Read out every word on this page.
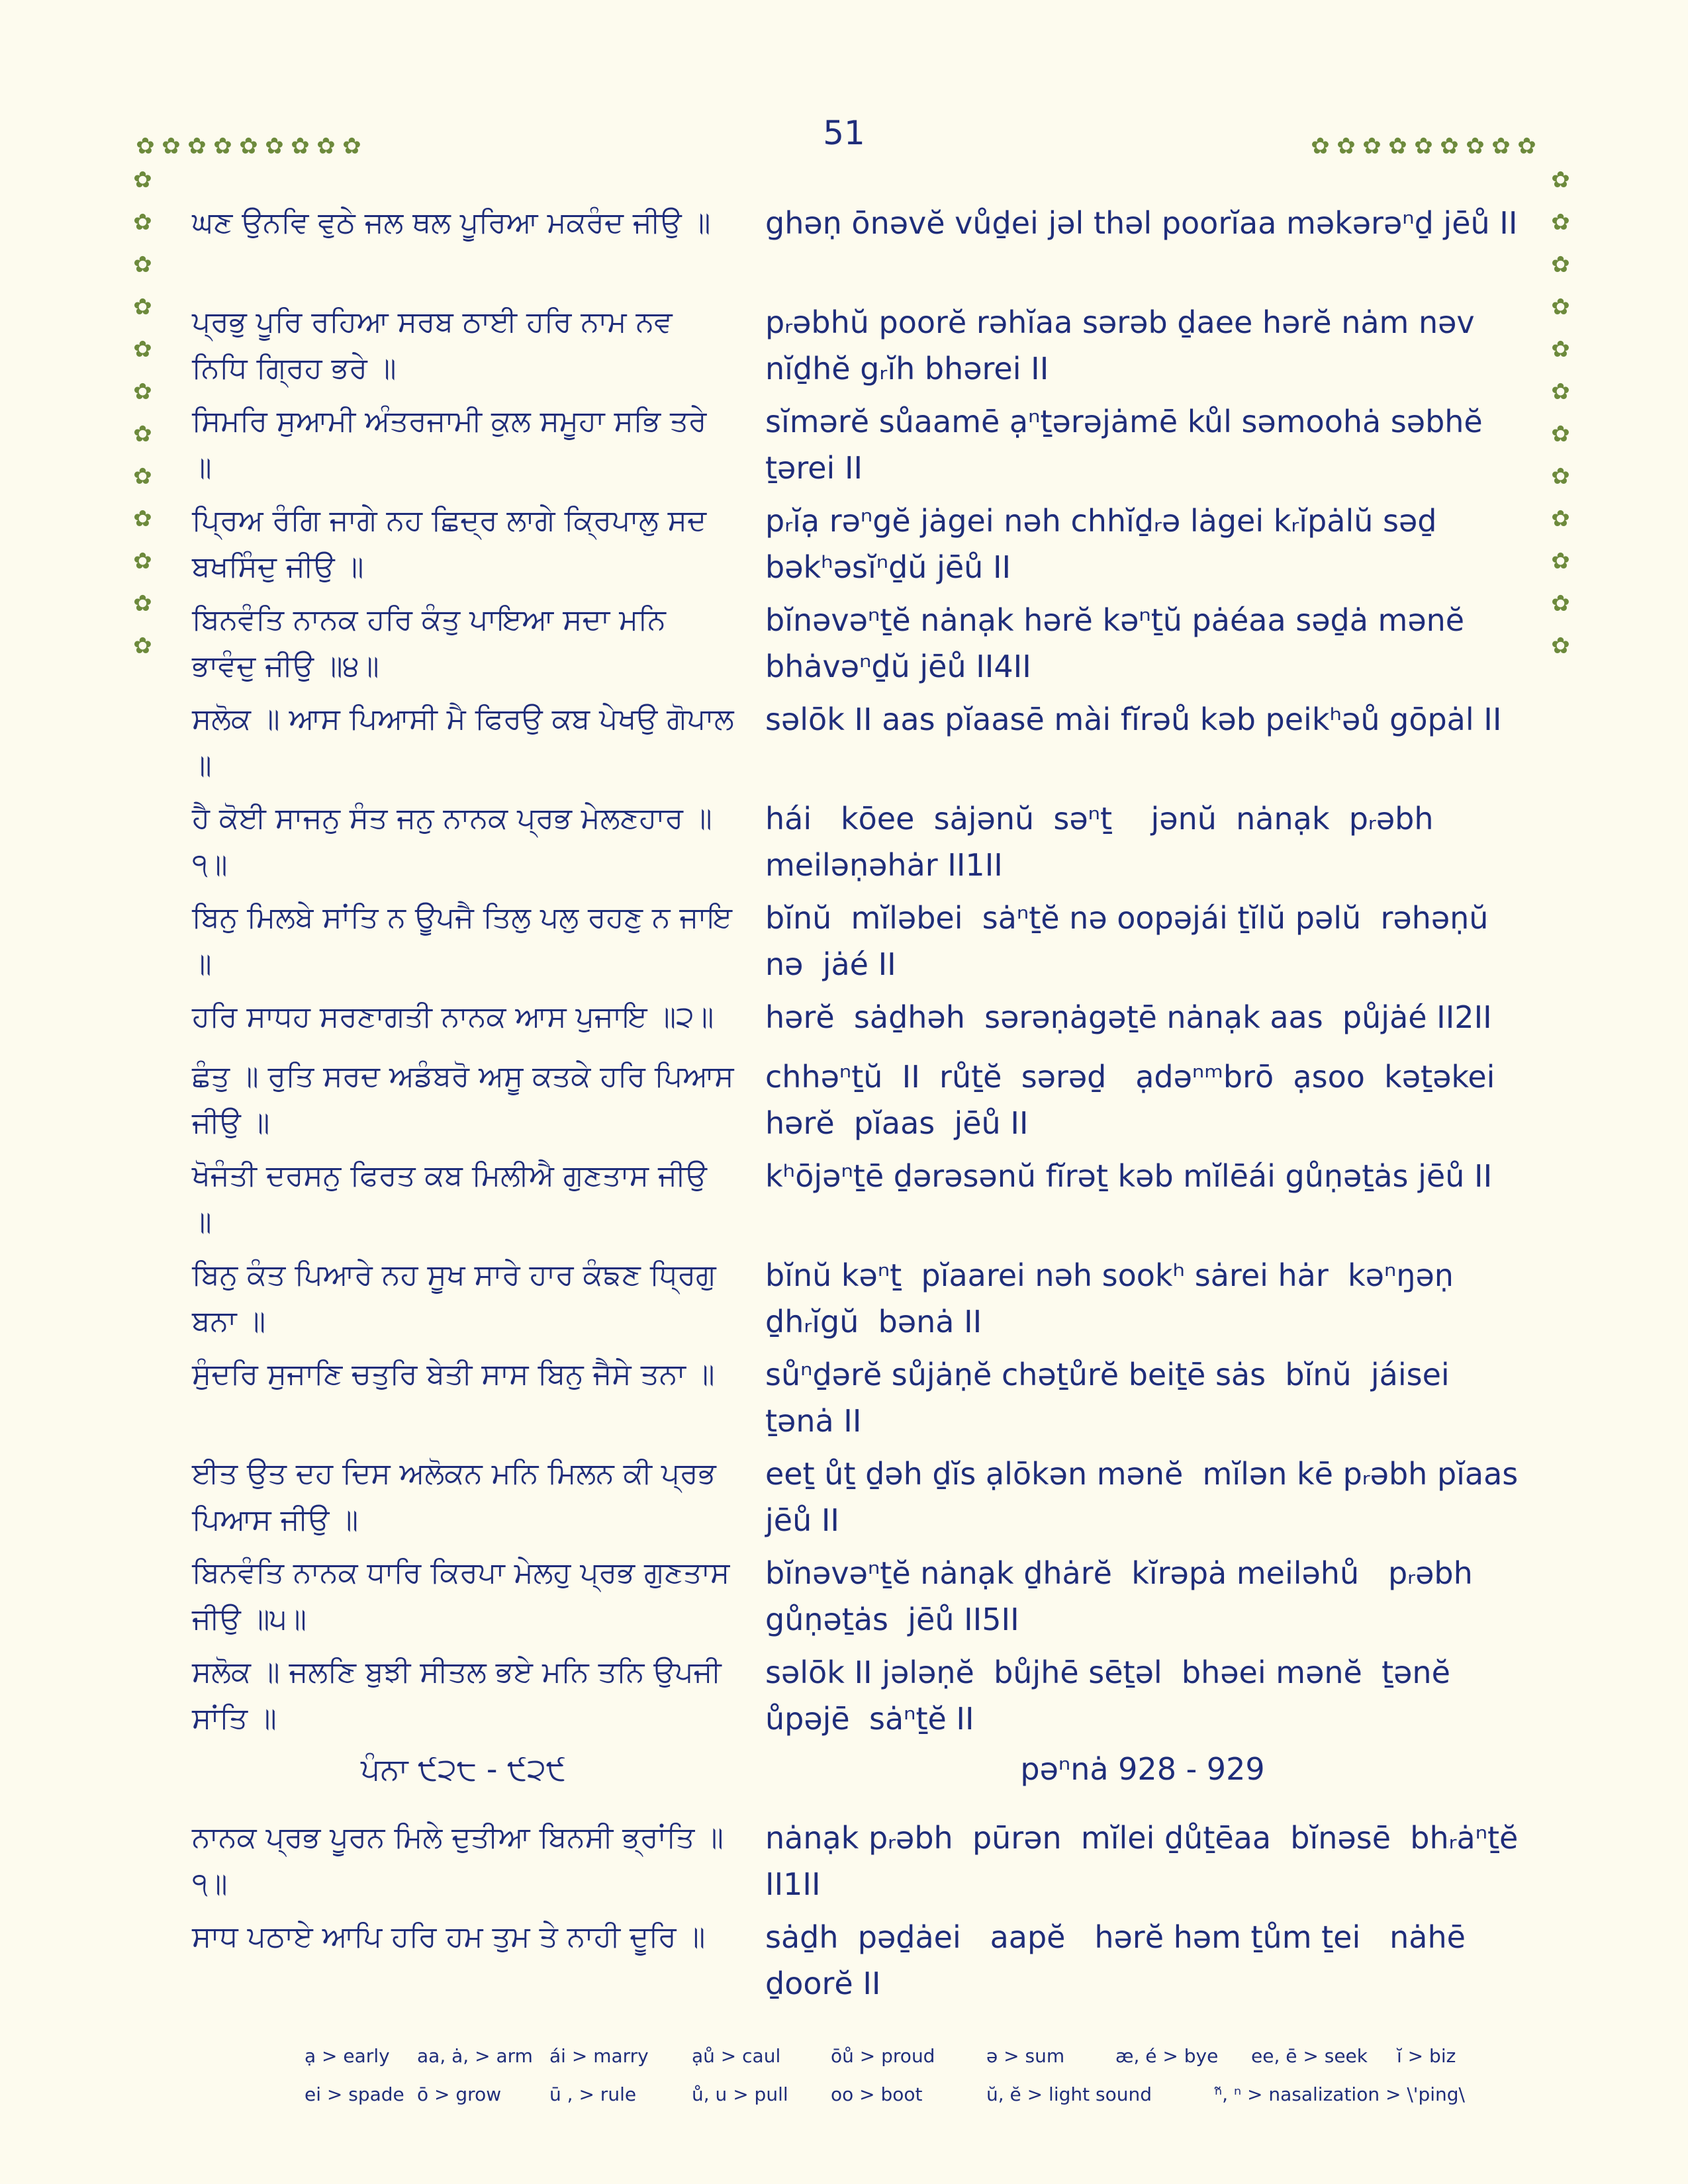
51
✿ ✿ ✿ ✿ ✿ ✿ ✿ ✿ ✿	✿ ✿ ✿ ✿ ✿ ✿ ✿ ✿ ✿
✿
✿
✿
✿
✿
✿
✿
✿
✿
✿
✿
✿
✿
✿
✿
✿
✿
✿
✿
✿
✿
✿
✿
✿
ਘਣ ਉਨਵਿ ਵੁਠੇ ਜਲ ਥਲ ਪੂਰਿਆ ਮਕਰੰਦ ਜੀਉ ॥	ghəṇ ōnəvĕ vůḏei jəl thəl poorĭaa məkərəⁿḏ jēů II
ਪ੍ਰਭੁ ਪੂਰਿ ਰਹਿਆ ਸਰਬ ਠਾਈ ਹਰਿ ਨਾਮ ਨਵ ਨਿਧਿ ਗ੍ਰਿਹ ਭਰੇ ॥
pᵣəbhŭ poorĕ rəhĭaa sərəb ḏaee hərĕ nȧm nəv nĭḏhĕ gᵣĭh bhərei II
ਸਿਮਰਿ ਸੁਆਮੀ ਅੰਤਰਜਾਮੀ ਕੁਲ ਸਮੂਹਾ ਸਭਿ ਤਰੇ ॥
sĭmərĕ sůaamē ạⁿṯərəjȧmē kůl səmoohȧ səbhĕ ṯərei II
ਪ੍ਰਿਅ ਰੰਗਿ ਜਾਗੇ ਨਹ ਛਿਦ੍ਰ ਲਾਗੇ ਕ੍ਰਿਪਾਲੁ ਸਦ ਬਖਸਿੰਦੁ ਜੀਉ ॥
pᵣĭạ rəⁿgĕ jȧgei nəh chhĭḏᵣə lȧgei kᵣĭpȧlŭ səḏ bəkʰəsĭⁿḏŭ jēů II
ਬਿਨਵੰਤਿ ਨਾਨਕ ਹਰਿ ਕੰਤੁ ਪਾਇਆ ਸਦਾ ਮਨਿ ਭਾਵੰਦੁ ਜੀਉ ॥੪॥
bĭnəvəⁿṯĕ nȧnạk hərĕ kəⁿṯŭ pȧéaa səḏȧ mənĕ bhȧvəⁿḏŭ jēů II4II
ਸਲੋਕ ॥ ਆਸ ਪਿਆਸੀ ਮੈ ਫਿਰਉ ਕਬ ਪੇਖਉ ਗੋਪਾਲ ॥
səlōk II aas pĭaasē mài fĭrəů kəb peikʰəů gōpȧl II
ਹੈ ਕੋਈ ਸਾਜਨੁ ਸੰਤ ਜਨੁ ਨਾਨਕ ਪ੍ਰਭ ਮੇਲਣਹਾਰ ॥੧॥
hái   kōee  sȧjənŭ  səⁿṯ    jənŭ  nȧnạk  pᵣəbh meiləṇəhȧr II1II
ਬਿਨੁ ਮਿਲਬੇ ਸਾਂਤਿ ਨ ਊਪਜੈ ਤਿਲੁ ਪਲੁ ਰਹਣੁ ਨ ਜਾਇ ॥
bĭnŭ  mĭləbei  sȧⁿṯĕ nə oopəjái ṯĭlŭ pəlŭ  rəhəṇŭ nə  jȧé II
ਹਰਿ ਸਾਧਹ ਸਰਣਾਗਤੀ ਨਾਨਕ ਆਸ ਪੁਜਾਇ ॥੨॥	hərĕ  sȧḏhəh  sərəṇȧgəṯē nȧnạk aas  půjȧé II2II
ਛੰਤੁ ॥ ਰੁਤਿ ਸਰਦ ਅਡੰਬਰੋ ਅਸੂ ਕਤਕੇ ਹਰਿ ਪਿਆਸ ਜੀਉ ॥
chhəⁿṯŭ  II  růṯĕ  sərəḏ   ạdəⁿᵐbrō  ạsoo  kəṯəkei hərĕ  pĭaas  jēů II
ਖੋਜੰਤੀ ਦਰਸਨੁ ਫਿਰਤ ਕਬ ਮਿਲੀਐ ਗੁਣਤਾਸ ਜੀਉ ॥
kʰōjəⁿṯē ḏərəsənŭ fĭrəṯ kəb mĭlēái gůṇəṯȧs jēů II
ਬਿਨੁ ਕੰਤ ਪਿਆਰੇ ਨਹ ਸੂਖ ਸਾਰੇ ਹਾਰ ਕੰਙਣ ਧ੍ਰਿਗੁ ਬਨਾ ॥
bĭnŭ kəⁿṯ  pĭaarei nəh sookʰ sȧrei hȧr  kəⁿŋəṇ ḏhᵣĭgŭ  bənȧ II
ਸੁੰਦਰਿ ਸੁਜਾਣਿ ਚਤੁਰਿ ਬੇਤੀ ਸਾਸ ਬਿਨੁ ਜੈਸੇ ਤਨਾ ॥	sůⁿḏərĕ sůjȧṇĕ chəṯůrĕ beiṯē sȧs  bĭnŭ  jáisei ṯənȧ II
ਈਤ ਉਤ ਦਹ ਦਿਸ ਅਲੋਕਨ ਮਨਿ ਮਿਲਨ ਕੀ ਪ੍ਰਭ ਪਿਆਸ ਜੀਉ ॥
eeṯ ůṯ ḏəh ḏĭs ạlōkən mənĕ  mĭlən kē pᵣəbh pĭaas  jēů II
ਬਿਨਵੰਤਿ ਨਾਨਕ ਧਾਰਿ ਕਿਰਪਾ ਮੇਲਹੁ ਪ੍ਰਭ ਗੁਣਤਾਸ ਜੀਉ ॥੫॥
bĭnəvəⁿṯĕ nȧnạk ḏhȧrĕ  kĭrəpȧ meiləhů   pᵣəbh gůṇəṯȧs  jēů II5II
ਸਲੋਕ ॥ ਜਲਣਿ ਬੁਝੀ ਸੀਤਲ ਭਏ ਮਨਿ ਤਨਿ ਉਪਜੀ ਸਾਂਤਿ ॥
səlōk II jələṇĕ  bůjhē sēṯəl  bhəei mənĕ  ṯənĕ ůpəjē  sȧⁿṯĕ II
ਪੰਨਾ ੯੨੮ - ੯੨੯	pəⁿnȧ 928 - 929
ਨਾਨਕ ਪ੍ਰਭ ਪੂਰਨ ਮਿਲੇ ਦੁਤੀਆ ਬਿਨਸੀ ਭ੍ਰਾਂਤਿ ॥੧॥
nȧnạk pᵣəbh  pūrən  mĭlei ḏůṯēaa  bĭnəsē  bhᵣȧⁿṯĕ II1II
ਸਾਧ ਪਠਾਏ ਆਪਿ ਹਰਿ ਹਮ ਤੁਮ ਤੇ ਨਾਹੀ ਦੂਰਿ ॥	sȧḏh  pəḏȧei   aapĕ   hərĕ həm ṯům ṯei   nȧhē ḏoorĕ II
ạ > early aa, ȧ, > arm ái > marry ạů > caul	ōů > proud	ə > sum	æ, é > bye ee, ē > seek ĭ > biz
ei > spade ō > grow	ū , > rule	ů, u > pull oo > boot	ŭ, ĕ > light sound	ⁿ̃, ⁿ > nasalization > \'ping\
